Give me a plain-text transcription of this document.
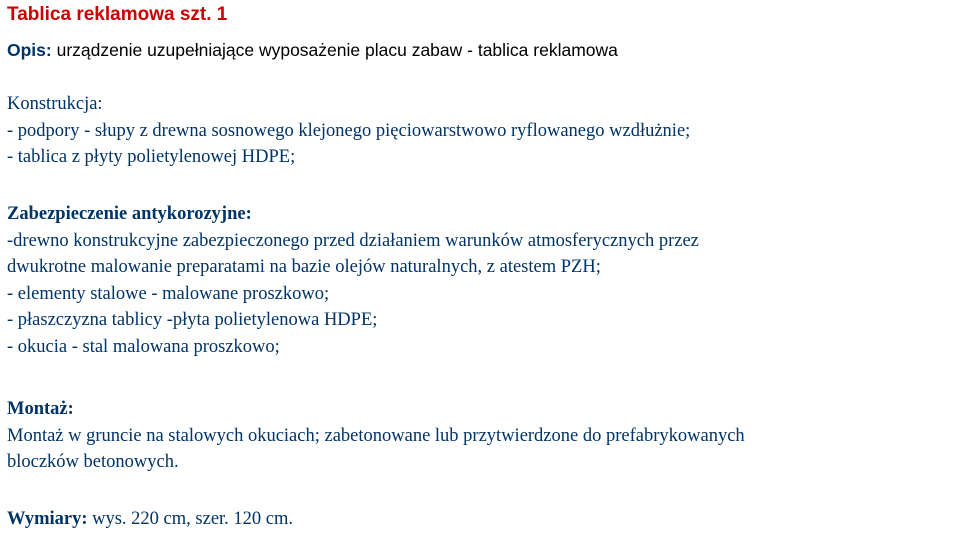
Tablica reklamowa szt. 1
Opis: urządzenie uzupełniające wyposażenie placu zabaw - tablica reklamowa
Konstrukcja:
- podpory - słupy z drewna sosnowego klejonego pięciowarstwowo ryflowanego wzdłużnie;
- tablica z płyty polietylenowej HDPE;
Zabezpieczenie antykorozyjne:
-drewno konstrukcyjne zabezpieczonego przed działaniem warunków atmosferycznych przez
dwukrotne malowanie preparatami na bazie olejów naturalnych, z atestem PZH;
- elementy stalowe - malowane proszkowo;
- płaszczyzna tablicy -płyta polietylenowa HDPE;
- okucia - stal malowana proszkowo;
Montaż:
Montaż w gruncie na stalowych okuciach; zabetonowane lub przytwierdzone do prefabrykowanych
bloczków betonowych.
Wymiary: wys. 220 cm, szer. 120 cm.
